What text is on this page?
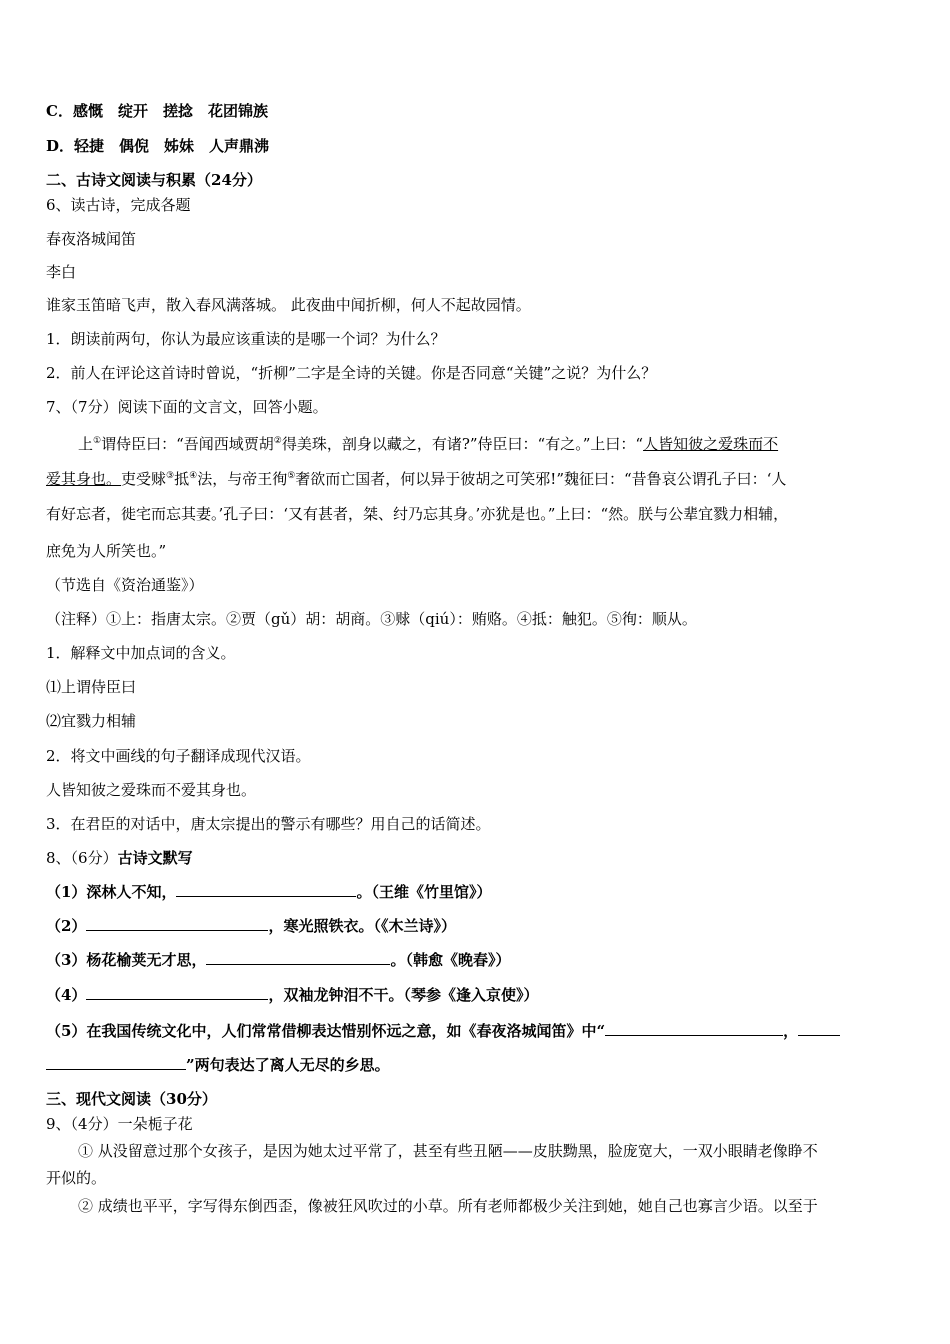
C．感慨　绽开　搓捻　花团锦族
D．轻捷　偶倪　姊妹　人声鼎沸
二、古诗文阅读与积累（24分）
6、读古诗，完成各题
春夜洛城闻笛
李白
谁家玉笛暗飞声，散入春风满落城。 此夜曲中闻折柳，何人不起故园情。
1．朗读前两句，你认为最应该重读的是哪一个词？为什么？
2．前人在评论这首诗时曾说，“折柳”二字是全诗的关键。你是否同意“关键”之说？为什么？
7、（7分）阅读下面的文言文，回答小题。
上①谓侍臣曰：“吾闻西域贾胡②得美珠，剖身以藏之，有诸?”侍臣曰：“有之。”上曰：“人皆知彼之爱珠而不
爱其身也。吏受赇③抵④法，与帝王徇⑤奢欲而亡国者，何以异于彼胡之可笑邪!”魏征曰：“昔鲁哀公谓孔子曰：‘人
有好忘者，徙宅而忘其妻。’孔子曰：‘又有甚者，桀、纣乃忘其身。’亦犹是也。”上曰：“然。朕与公辈宜戮力相辅，
庶免为人所笑也。”
（节选自《资治通鉴》）
（注释）①上：指唐太宗。②贾（gǔ）胡：胡商。③赇（qiú）：贿赂。④抵：触犯。⑤徇：顺从。
1．解释文中加点词的含义。
⑴上谓侍臣曰
⑵宜戮力相辅
2．将文中画线的句子翻译成现代汉语。
人皆知彼之爱珠而不爱其身也。
3．在君臣的对话中，唐太宗提出的警示有哪些？用自己的话简述。
8、（6分）古诗文默写
（1）深林人不知，	。（王维《竹里馆》）
（2）	，寒光照铁衣。（《木兰诗》）
（3）杨花榆荚无才思，	。（韩愈《晚春》）
（4）	，双袖龙钟泪不干。（琴参《逢入京使》）
（5）在我国传统文化中，人们常常借柳表达惜别怀远之意，如《春夜洛城闻笛》中“	，
”两句表达了离人无尽的乡思。
三、现代文阅读（30分）
9、（4分）一朵栀子花
① 从没留意过那个女孩子，是因为她太过平常了，甚至有些丑陋——皮肤黝黑，脸庞宽大，一双小眼睛老像睁不
开似的。
② 成绩也平平，字写得东倒西歪，像被狂风吹过的小草。所有老师都极少关注到她，她自己也寡言少语。以至于
